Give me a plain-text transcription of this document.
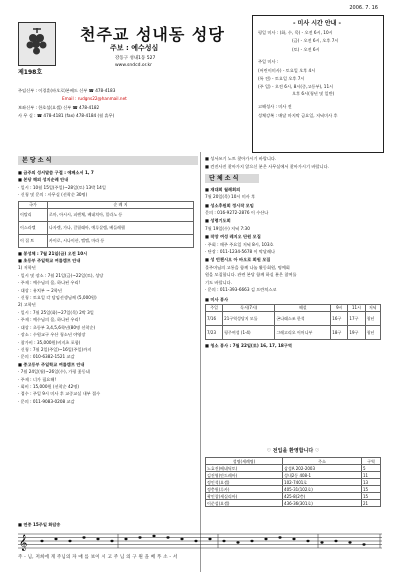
2006. 7. 16
천주교 성내동 성당
주보 : 예수성심
제198호
강동구 성내1동 527
www.sndcd.or.kr
- 미사 시간 안내 -
평일 미사 : (화, 수, 목) - 오전 6시, 10시
(금) - 오전 6시, 오후 7시
(토) - 오전 6시
주일 미사 :
(어린이미사) - 토요일 오후 4시
(특 전) - 토요일 오후 7시
(주 일) - 오전 6시, 8시(중,고등부), 11시
오후 6시(청년 및 일반)
고해성사 : 미사 전
성체강복 : 매달 마지막 금요일, 저녁미사 후
주임신부 : 이경훈(바오로)본베드 신부 ☎ 478-4183
Email : rudgns22@hanmail.net
보좌신부 : 한호섭(요셉) 신부 ☎ 478-4182
사 무 실 : ☎ 478-4181 (fax) 478-4184 (월 휴무)
본 당 소 식
■ 금주의 성서말씀 구절 : 에페소서 1, 7
■ 본당 해외 성지순례 안내
· 일시 : 10월 15일(주일)~28일(토) 13박 14일
· 신청 및 문의 : 사무실 (선착순 30명)
국가	순 례 지
이탈리	로마, 아시시, 피렌체, 베네치아, 밀라노 등
이스라엘	나자렛, 가나, 갈릴래아, 예루살렘, 베들레헴
이 집 트	카이로, 시나이산, 엘엘, 마라 등
■ 봉성체 : 7월 21일(금) 오전 10시
■ 초등부 주일학교 여름캠프 안내
1) 저학년
· 일시 및 장소 : 7월 21일(금)~22일(토), 성당
· 주제 : 예수님의 몸, 하나된 우리!
· 대상 : 유치부 ~ 2학년
· 신청 : 토요일 각 담임선생님께 (5,000원)
2) 고학년
· 일시 : 7월 25일(화)~27일(목) 2박 3일
· 주제 : 예수님의 몸, 하나된 우리!
· 대상 : 초등부 3,4,5,6학년(80명 선착순)
· 장소 : 수원교구 우산 청소년 야영장
· 참가비 : 35,000원(비지츠 포함)
· 신청 : 7월 2일(주일)~16일(주일)까지
· 문의 : 010-6382-1521 교감
■ 중고등부 주일학교 여름캠프 안내
· 7월 24일(월)~26일(수), 가평 꽃동네
· 주제 : 너가 필요해!
· 회비 : 15,000원 (선착순 42명)
· 접수 : 주일 9시 미사 후 교중교실 내부 접수
· 문의 : 011-9083-0208 교감
■ 성서쓰기 노트 찾아가시기 바랍니다.
■ 견진사진 찾아가지 않으신 분은 사무실에서 찾아가시기 바랍니다.
단 체 소 식
■ 재대회 월례회의
7월 20일(목) 10시 미사 후
■ 성소후원회 정시작 모임
문의 : 016-9272-2876 이 수산나
■ 성령기도회
7월 19일(수) 저녁 7:30
■ 작장 여성 레지오 단원 모집
· 주회 : 매주 주요일 저녁 8시, 103호
· 단장 : 011-1234-5678 이 막달레나
■ 성 빈첸시오 아 바오로 회원 모집
물주머님의 고통을 함께 나눌 활동회원, 명예회
원을 모집합니다. 관련 본당 함께 하실 분은 참여를
기도 바랍니다.
· 문의 : 011-393-6663 김 프란치스코
■ 미사 봉사
주일	독서(7시)	해설	9시	11시	저녁
7/16	21구역성당지 모듈	곤나래스조 한석	16구	17구	청년
7/23	평주여성 (1-4)	그레고리오 어머니부	18구	19구	청년
■ 청소 봉사 : 7월 22일(토) 16, 17, 18구역
♡ 전입을 환영합니다 ♡
성명(세례명)	주소	구역
노효진(베네딕토)	삼성A 202-2003	5
김진영(안드레아)	성내2동 408-1	11
정인석(요셉)	102-7401호	13
정충원(루카)	405-31(102호)	15
곽인창(세실리아)	425-8(2층)	15
이준섭(요셉)	436-36(301호)	21
■ 연중 15주일 화답송
𝄞
주 - 님, 저희에 게 주님의 자 애 를 보이 시 고 주 님 의 구 원 을 베 푸 소 - 서
